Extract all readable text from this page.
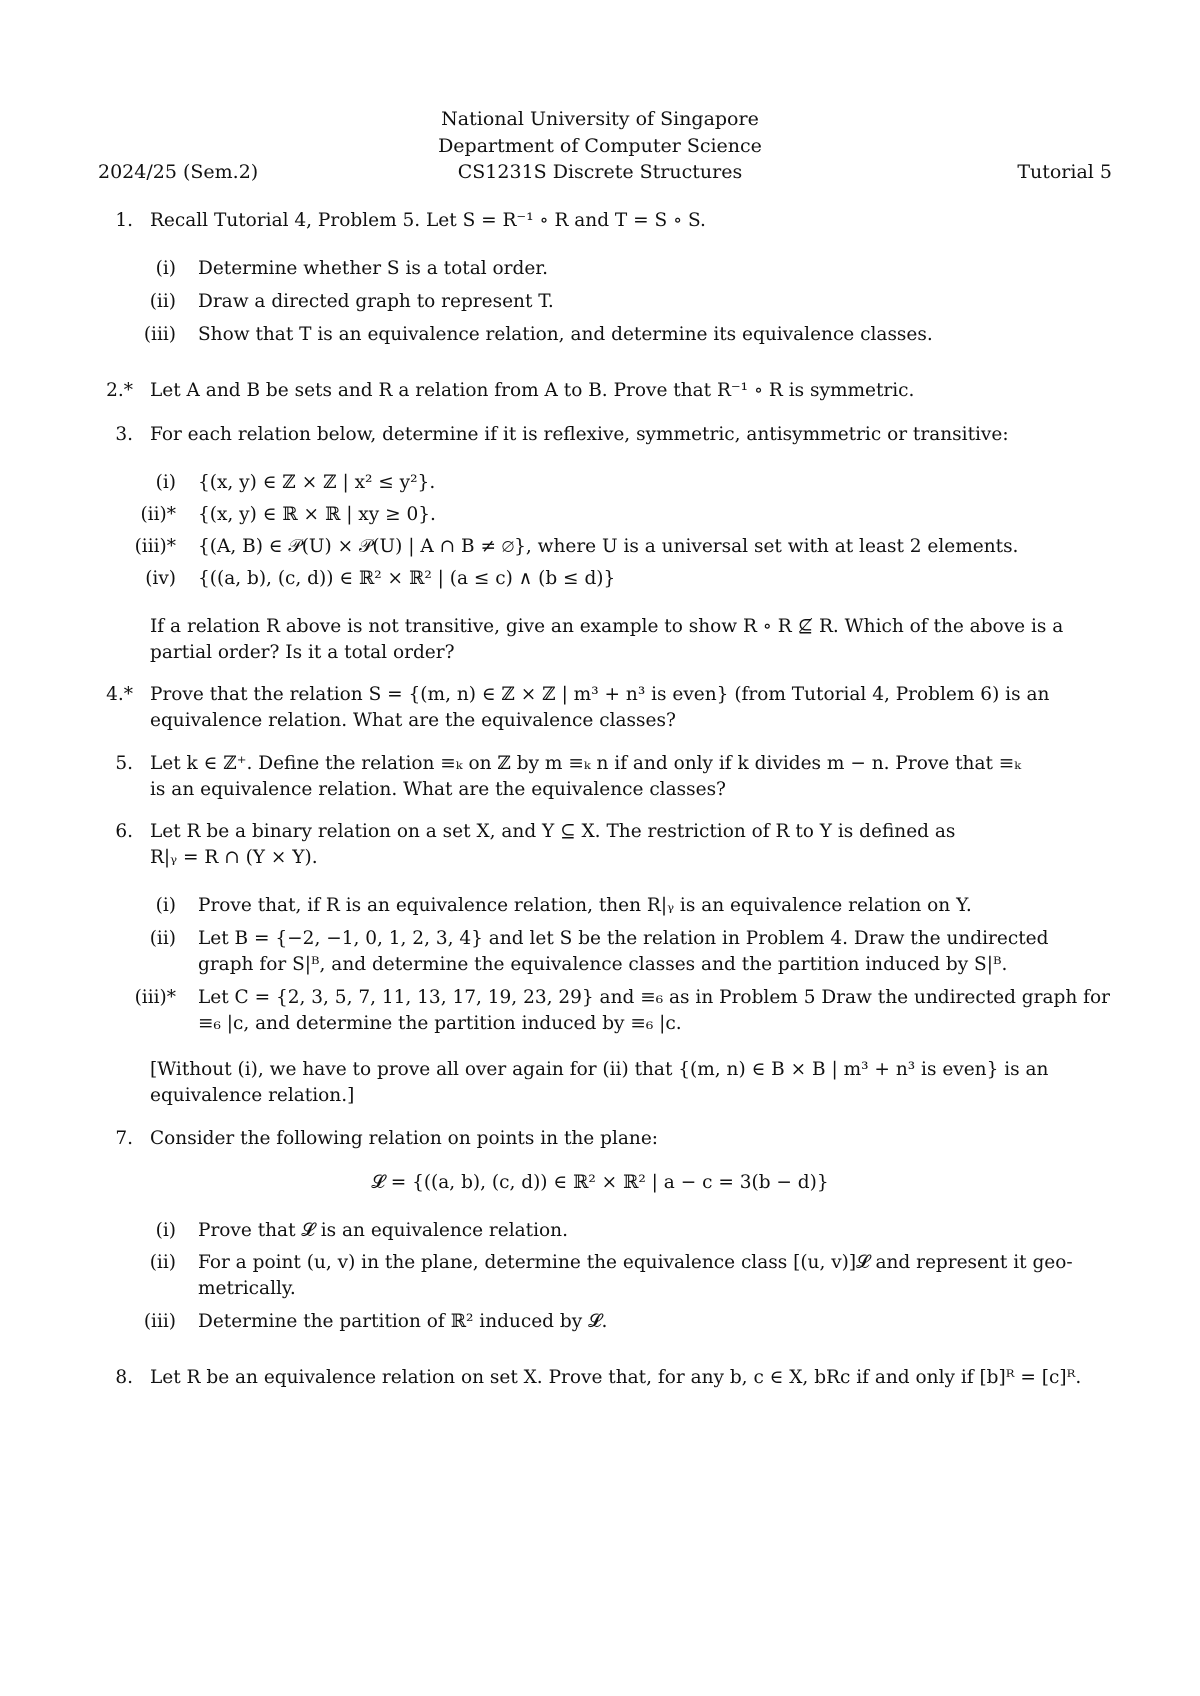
National University of Singapore
Department of Computer Science
2024/25 (Sem.2)	CS1231S Discrete Structures	Tutorial 5
1. Recall Tutorial 4, Problem 5. Let S = R⁻¹ ∘ R and T = S ∘ S.
(i) Determine whether S is a total order.
(ii) Draw a directed graph to represent T.
(iii) Show that T is an equivalence relation, and determine its equivalence classes.
2.* Let A and B be sets and R a relation from A to B. Prove that R⁻¹ ∘ R is symmetric.
3. For each relation below, determine if it is reflexive, symmetric, antisymmetric or transitive:
(i) {(x, y) ∈ ℤ × ℤ | x² ≤ y²}.
(ii)* {(x, y) ∈ ℝ × ℝ | xy ≥ 0}.
(iii)* {(A, B) ∈ 𝒫(U) × 𝒫(U) | A ∩ B ≠ ∅}, where U is a universal set with at least 2 elements.
(iv) {((a, b), (c, d)) ∈ ℝ² × ℝ² | (a ≤ c) ∧ (b ≤ d)}
If a relation R above is not transitive, give an example to show R ∘ R ⊈ R. Which of the above is a
partial order? Is it a total order?
4.* Prove that the relation S = {(m, n) ∈ ℤ × ℤ | m³ + n³ is even} (from Tutorial 4, Problem 6) is an
equivalence relation. What are the equivalence classes?
5. Let k ∈ ℤ⁺. Define the relation ≡ₖ on ℤ by m ≡ₖ n if and only if k divides m − n. Prove that ≡ₖ
is an equivalence relation. What are the equivalence classes?
6. Let R be a binary relation on a set X, and Y ⊆ X. The restriction of R to Y is defined as
R|ᵧ = R ∩ (Y × Y).
(i) Prove that, if R is an equivalence relation, then R|ᵧ is an equivalence relation on Y.
(ii) Let B = {−2, −1, 0, 1, 2, 3, 4} and let S be the relation in Problem 4. Draw the undirected
graph for S|ᴮ, and determine the equivalence classes and the partition induced by S|ᴮ.
(iii)* Let C = {2, 3, 5, 7, 11, 13, 17, 19, 23, 29} and ≡₆ as in Problem 5 Draw the undirected graph for
≡₆ |ᴄ, and determine the partition induced by ≡₆ |ᴄ.
[Without (i), we have to prove all over again for (ii) that {(m, n) ∈ B × B | m³ + n³ is even} is an
equivalence relation.]
7. Consider the following relation on points in the plane:
𝓛 = {((a, b), (c, d)) ∈ ℝ² × ℝ² | a − c = 3(b − d)}
(i) Prove that 𝓛 is an equivalence relation.
(ii) For a point (u, v) in the plane, determine the equivalence class [(u, v)]𝓛 and represent it geo-
metrically.
(iii) Determine the partition of ℝ² induced by 𝓛.
8. Let R be an equivalence relation on set X. Prove that, for any b, c ∈ X, bRc if and only if [b]ᴿ = [c]ᴿ.
